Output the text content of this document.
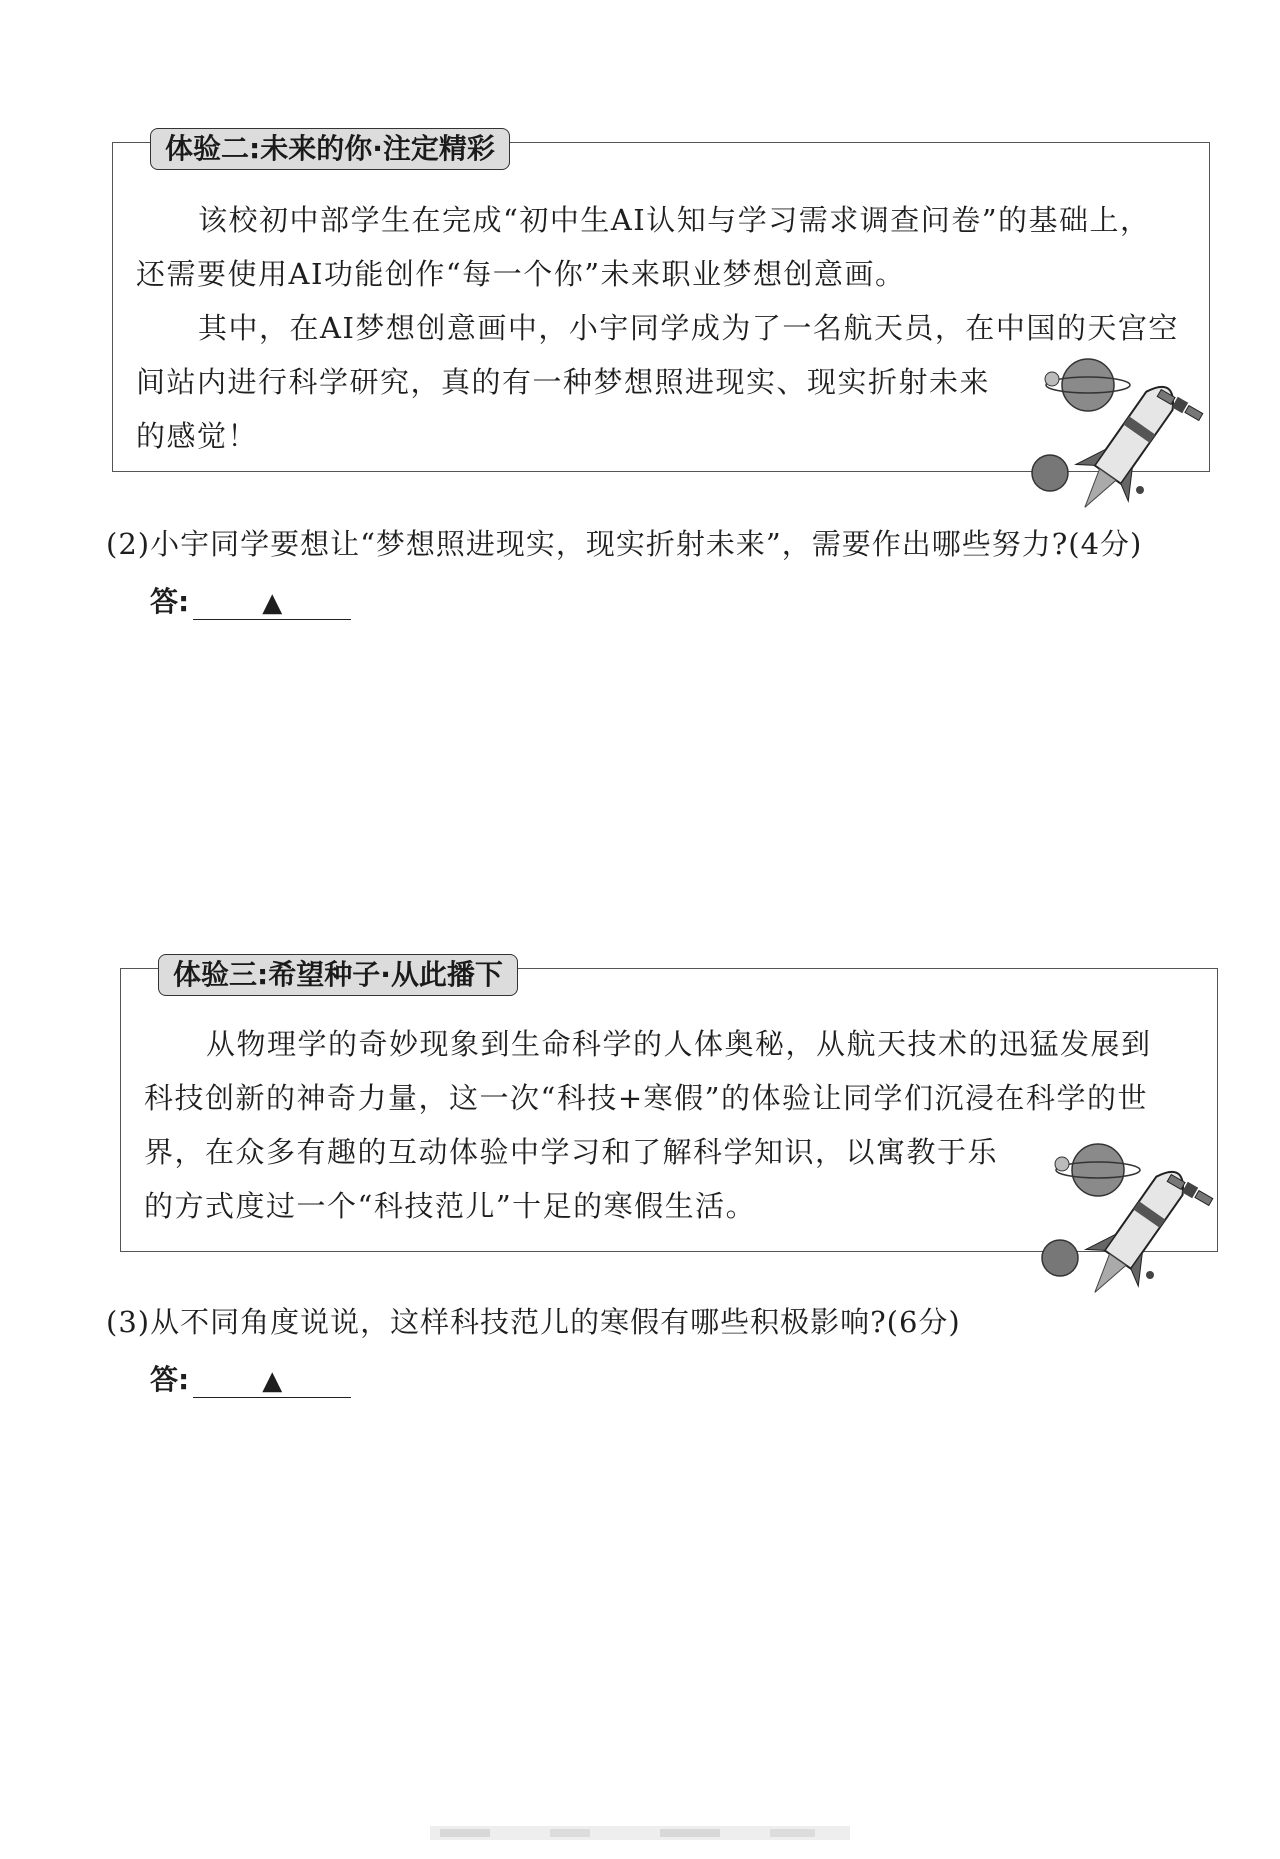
体验二:未来的你·注定精彩
该校初中部学生在完成“初中生AI认知与学习需求调查问卷”的基础上，
还需要使用AI功能创作“每一个你”未来职业梦想创意画。
其中，在AI梦想创意画中，小宇同学成为了一名航天员，在中国的天宫空
间站内进行科学研究，真的有一种梦想照进现实、现实折射未来
的感觉！
(2)小宇同学要想让“梦想照进现实，现实折射未来”，需要作出哪些努力?(4分)
答:	▲
体验三:希望种子·从此播下
从物理学的奇妙现象到生命科学的人体奥秘，从航天技术的迅猛发展到
科技创新的神奇力量，这一次“科技+寒假”的体验让同学们沉浸在科学的世
界，在众多有趣的互动体验中学习和了解科学知识，以寓教于乐
的方式度过一个“科技范儿”十足的寒假生活。
(3)从不同角度说说，这样科技范儿的寒假有哪些积极影响?(6分)
答:	▲
